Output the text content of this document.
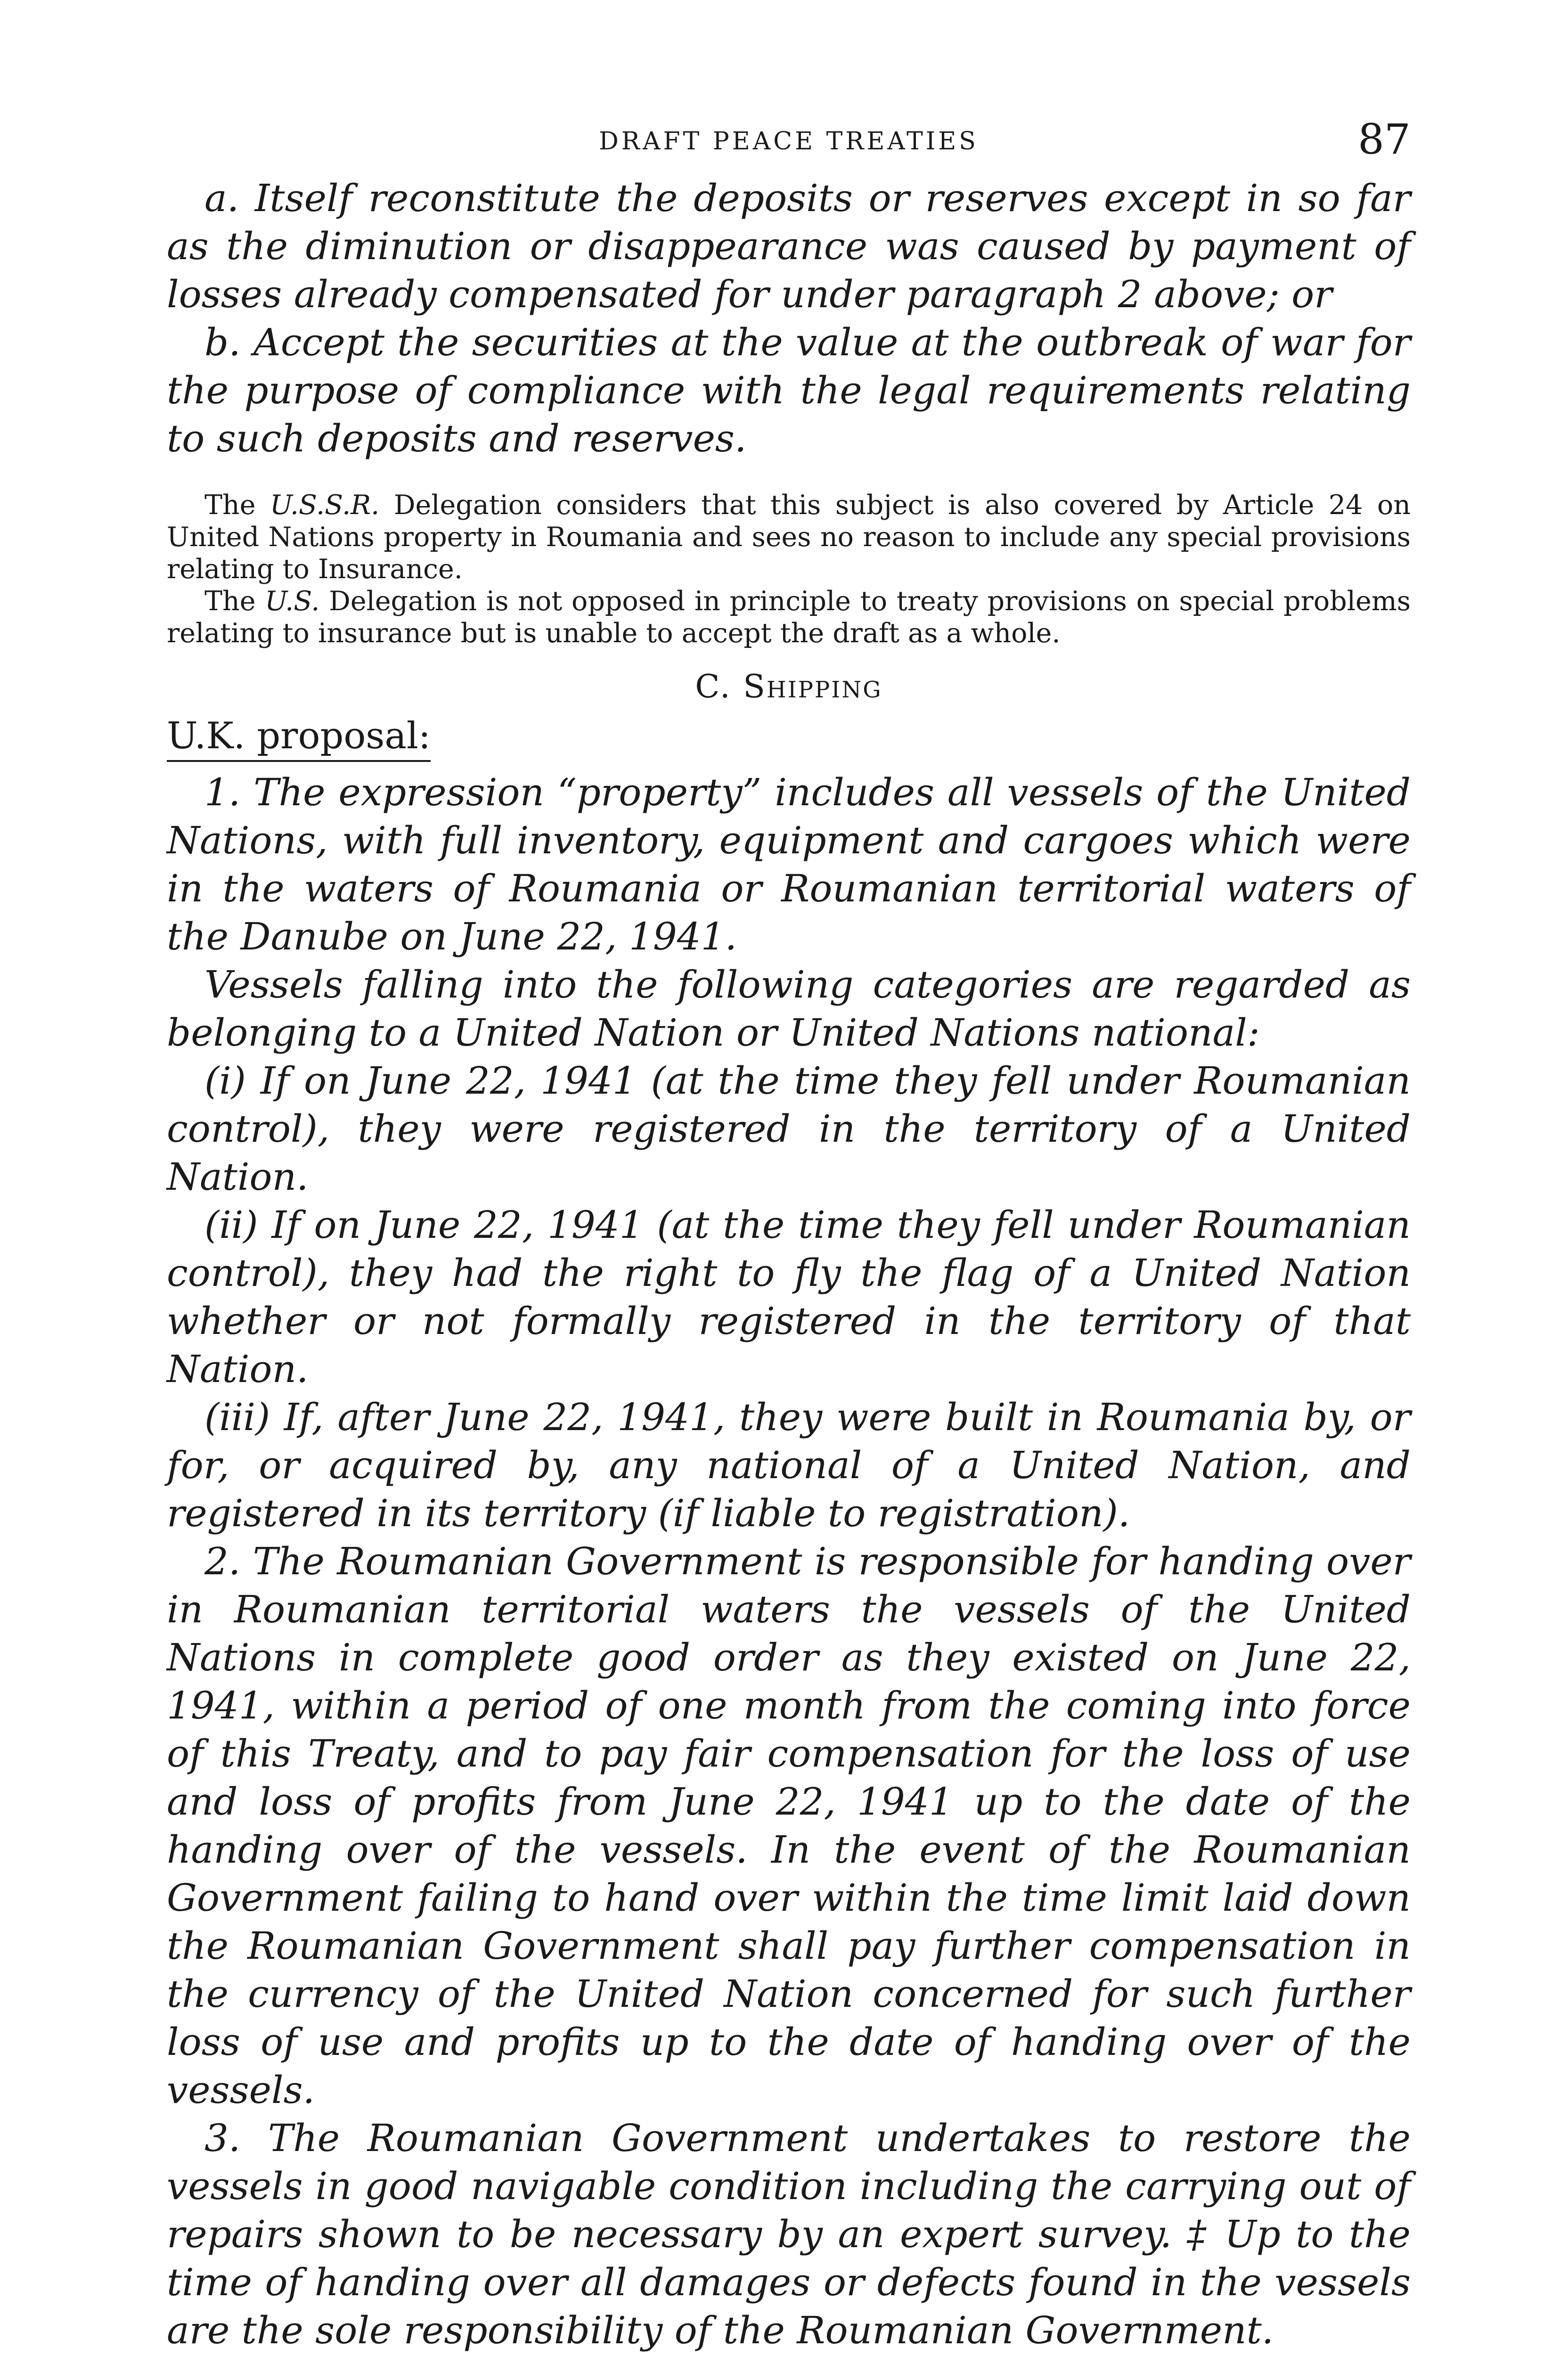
DRAFT PEACE TREATIES	87

a. Itself reconstitute the deposits or reserves except in so far as the diminution or disappearance was caused by payment of losses already compensated for under paragraph 2 above; or

b. Accept the securities at the value at the outbreak of war for the purpose of compliance with the legal requirements relating to such deposits and reserves.

The U.S.S.R. Delegation considers that this subject is also covered by Article 24 on United Nations property in Roumania and sees no reason to include any special provisions relating to Insurance.

The U.S. Delegation is not opposed in principle to treaty provisions on special problems relating to insurance but is unable to accept the draft as a whole.

C. Shipping
U.K. proposal:

1. The expression “property” includes all vessels of the United Nations, with full inventory, equipment and cargoes which were in the waters of Roumania or Roumanian territorial waters of the Danube on June 22, 1941.

Vessels falling into the following categories are regarded as belonging to a United Nation or United Nations national:

(i) If on June 22, 1941 (at the time they fell under Roumanian control), they were registered in the territory of a United Nation.

(ii) If on June 22, 1941 (at the time they fell under Roumanian control), they had the right to fly the flag of a United Nation whether or not formally registered in the territory of that Nation.

(iii) If, after June 22, 1941, they were built in Roumania by, or for, or acquired by, any national of a United Nation, and registered in its territory (if liable to registration).

2. The Roumanian Government is responsible for handing over in Roumanian territorial waters the vessels of the United Nations in complete good order as they existed on June 22, 1941, within a period of one month from the coming into force of this Treaty, and to pay fair compensation for the loss of use and loss of profits from June 22, 1941 up to the date of the handing over of the vessels. In the event of the Roumanian Government failing to hand over within the time limit laid down the Roumanian Government shall pay further compensation in the currency of the United Nation concerned for such further loss of use and profits up to the date of handing over of the vessels.

3. The Roumanian Government undertakes to restore the vessels in good navigable condition including the carrying out of repairs shown to be necessary by an expert survey. ‡ Up to the time of handing over all damages or defects found in the vessels are the sole responsibility of the Roumanian Government.
